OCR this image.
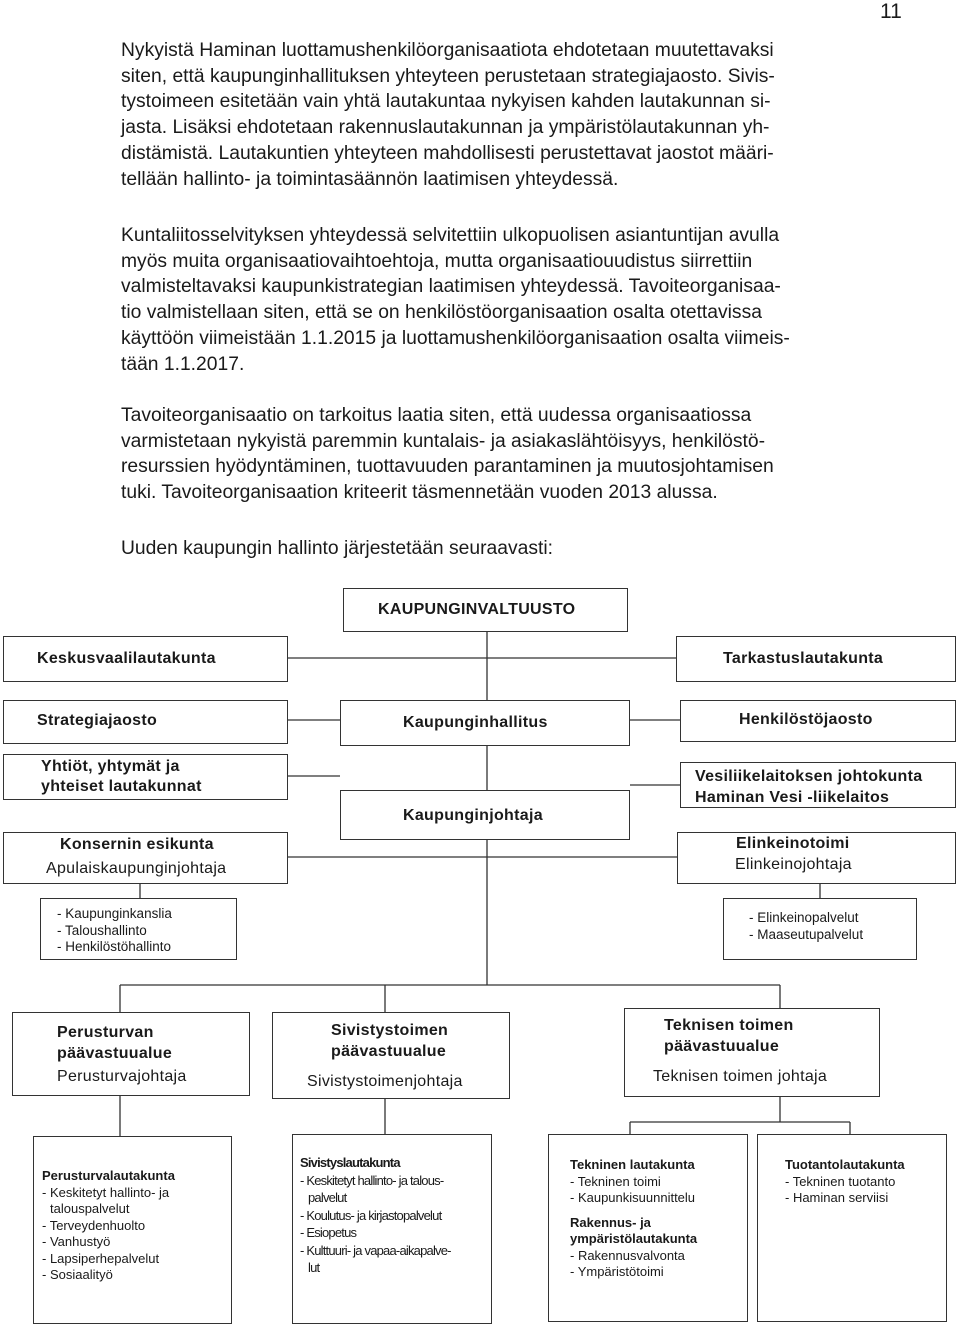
11
Nykyistä Haminan luottamushenkilöorganisaatiota ehdotetaan muutettavaksi
siten, että kaupunginhallituksen yhteyteen perustetaan strategiajaosto. Sivis-
tystoimeen esitetään vain yhtä lautakuntaa nykyisen kahden lautakunnan si-
jasta. Lisäksi ehdotetaan rakennuslautakunnan ja ympäristölautakunnan yh-
distämistä. Lautakuntien yhteyteen mahdollisesti perustettavat jaostot määri-
tellään hallinto- ja toimintasäännön laatimisen yhteydessä.
Kuntaliitosselvityksen yhteydessä selvitettiin ulkopuolisen asiantuntijan avulla
myös muita organisaatiovaihtoehtoja, mutta organisaatiouudistus siirrettiin
valmisteltavaksi kaupunkistrategian laatimisen yhteydessä. Tavoiteorganisaa-
tio valmistellaan siten, että se on henkilöstöorganisaation osalta otettavissa
käyttöön viimeistään 1.1.2015 ja luottamushenkilöorganisaation osalta viimeis-
tään 1.1.2017.
Tavoiteorganisaatio on tarkoitus laatia siten, että uudessa organisaatiossa
varmistetaan nykyistä paremmin kuntalais- ja asiakaslähtöisyys, henkilöstö-
resurssien hyödyntäminen, tuottavuuden parantaminen ja muutosjohtamisen
tuki. Tavoiteorganisaation kriteerit täsmennetään vuoden 2013 alussa.
Uuden kaupungin hallinto järjestetään seuraavasti:
KAUPUNGINVALTUUSTO
Keskusvaalilautakunta	Tarkastuslautakunta
Strategiajaosto	Kaupunginhallitus	Henkilöstöjaosto
Yhtiöt, yhtymät ja
yhteiset lautakunnat
Kaupunginjohtaja
Vesiliikelaitoksen johtokunta
Haminan Vesi -liikelaitos
Konsernin esikunta
Apulaiskaupunginjohtaja
Elinkeinotoimi
Elinkeinojohtaja
- Kaupunginkanslia
- Taloushallinto
- Henkilöstöhallinto
- Elinkeinopalvelut
- Maaseutupalvelut
Perusturvan
päävastuualue
Perusturvajohtaja
Sivistystoimen
päävastuualue
Sivistystoimenjohtaja
Teknisen toimen
päävastuualue
Teknisen toimen johtaja
Perusturvalautakunta
- Keskitetyt hallinto- ja
talouspalvelut
- Terveydenhuolto
- Vanhustyö
- Lapsiperhepalvelut
- Sosiaalityö
Sivistyslautakunta
- Keskitetyt hallinto- ja talous-
palvelut
- Koulutus- ja kirjastopalvelut
- Esiopetus
- Kulttuuri- ja vapaa-aikapalve-
lut
Tekninen lautakunta
- Tekninen toimi
- Kaupunkisuunnittelu
Rakennus- ja
ympäristölautakunta
- Rakennusvalvonta
- Ympäristötoimi
Tuotantolautakunta
- Tekninen tuotanto
- Haminan serviisi
